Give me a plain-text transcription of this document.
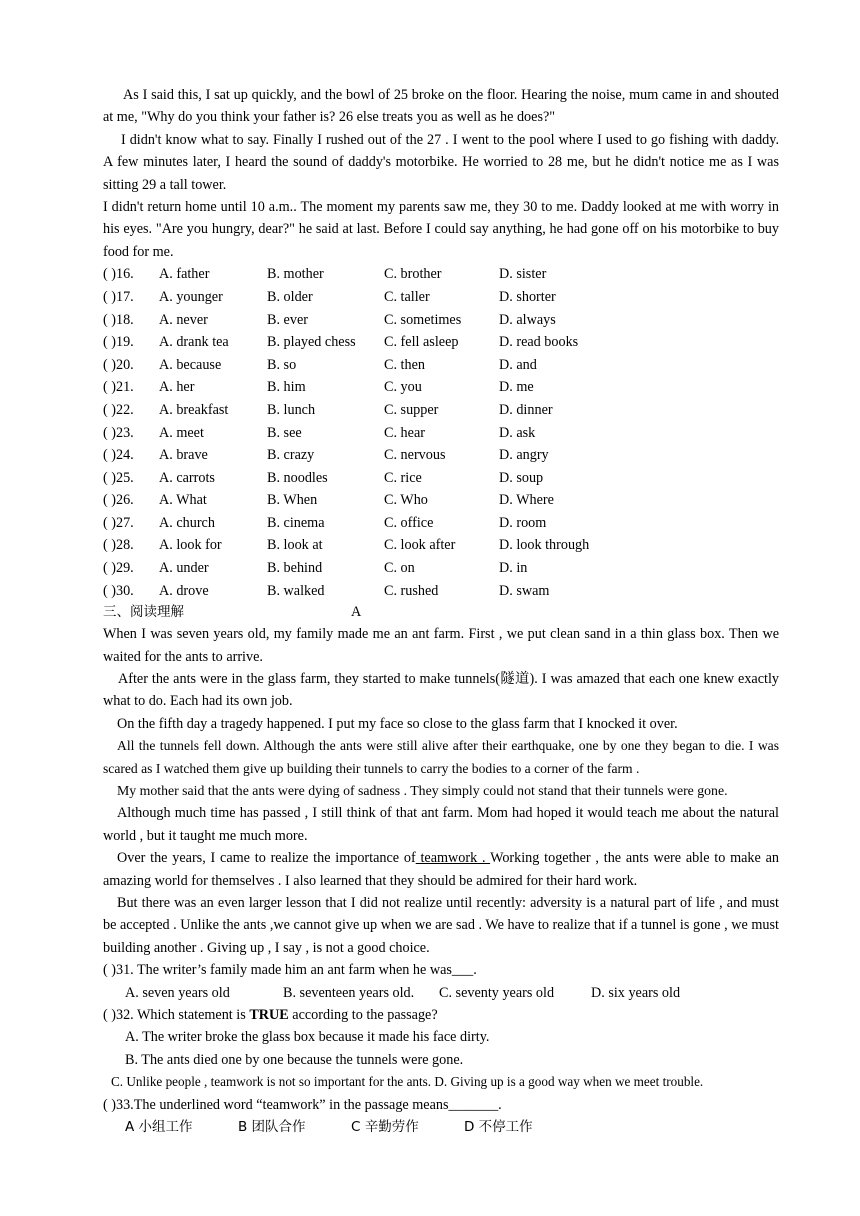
As I said this, I sat up quickly, and the bowl of 25 broke on the floor. Hearing the noise, mum came in and shouted at me, "Why do you think your father is? 26 else treats you as well as he does?"

I didn't know what to say. Finally I rushed out of the 27 . I went to the pool where I used to go fishing with daddy. A few minutes later, I heard the sound of daddy's motorbike. He worried to 28 me, but he didn't notice me as I was sitting 29 a tall tower.

I didn't return home until 10 a.m.. The moment my parents saw me, they 30 to me. Daddy looked at me with worry in his eyes. "Are you hungry, dear?" he said at last. Before I could say anything, he had gone off on his motorbike to buy food for me.

( )16.	A. father	B. mother	C. brother	D. sister
( )17.	A. younger	B. older	C. taller	D. shorter
( )18.	A. never	B. ever	C. sometimes	D. always
( )19.	A. drank tea	B. played chess	C. fell asleep	D. read books
( )20.	A. because	B. so	C. then	D. and
( )21.	A. her	B. him	C. you	D. me
( )22.	A. breakfast	B. lunch	C. supper	D. dinner
( )23.	A. meet	B. see	C. hear	D. ask
( )24.	A. brave	B. crazy	C. nervous	D. angry
( )25.	A. carrots	B. noodles	C. rice	D. soup
( )26.	A. What	B. When	C. Who	D. Where
( )27.	A. church	B. cinema	C. office	D. room
( )28.	A. look for	B. look at	C. look after	D. look through
( )29.	A. under	B. behind	C. on	D. in
( )30.	A. drove	B. walked	C. rushed	D. swam
三、阅读理解	A

When I was seven years old, my family made me an ant farm. First , we put clean sand in a thin glass box. Then we waited for the ants to arrive.

After the ants were in the glass farm, they started to make tunnels(隧道). I was amazed that each one knew exactly what to do. Each had its own job.

On the fifth day a tragedy happened. I put my face so close to the glass farm that I knocked it over.

All the tunnels fell down. Although the ants were still alive after their earthquake, one by one they began to die. I was scared as I watched them give up building their tunnels to carry the bodies to a corner of the farm .

My mother said that the ants were dying of sadness . They simply could not stand that their tunnels were gone.

Although much time has passed , I still think of that ant farm. Mom had hoped it would teach me about the natural world , but it taught me much more.

Over the years, I came to realize the importance of teamwork . Working together , the ants were able to make an amazing world for themselves . I also learned that they should be admired for their hard work.

But there was an even larger lesson that I did not realize until recently: adversity is a natural part of life , and must be accepted . Unlike the ants ,we cannot give up when we are sad . We have to realize that if a tunnel is gone , we must building another . Giving up , I say , is not a good choice.

( )31. The writer’s family made him an ant farm when he was___.
A. seven years old	B. seventeen years old. C. seventy years old	D. six years old
( )32. Which statement is TRUE according to the passage?
A. The writer broke the glass box because it made his face dirty.
B. The ants died one by one because the tunnels were gone.
C. Unlike people , teamwork is not so important for the ants. D. Giving up is a good way when we meet trouble.
( )33.The underlined word “teamwork” in the passage means_______.
A 小组工作	B 团队合作	C 辛勤劳作	D 不停工作
